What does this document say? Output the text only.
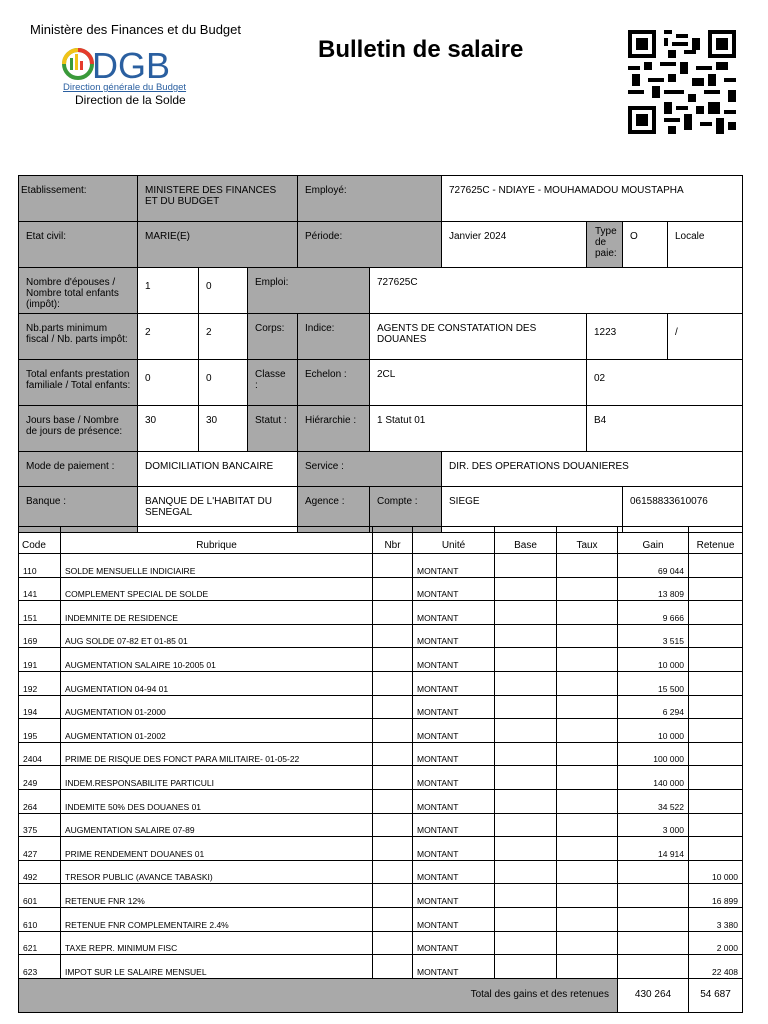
Ministère des Finances et du Budget
DGB
Direction générale du Budget
Direction de la Solde
Bulletin de salaire
Etablissement:	MINISTERE DES FINANCES ET DU BUDGET			Employé:		727625C - NDIAYE - MOUHAMADOU MOUSTAPHA			
Etat civil:	MARIE(E)			Période:		Janvier 2024	Type de paie:	O	Locale
Nombre d'épouses / Nombre total enfants (impôt):	1	0	Emploi:		727625C				
Nb.parts minimum fiscal / Nb. parts impôt:	2	2	Corps:	Indice:	AGENTS DE CONSTATATION DES DOUANES		1223		/
Total enfants prestation familiale / Total enfants:	0	0	Classe :	Echelon :	2CL		02		
Jours base / Nombre de jours de présence:	30	30	Statut :	Hiérarchie :	1 Statut 01		B4		
Mode de paiement :	DOMICILIATION BANCAIRE			Service :		DIR. DES OPERATIONS DOUANIERES			
Banque :	BANQUE DE L'HABITAT DU SENEGAL			Agence :	Compte :	SIEGE		06158833610076	
Code	Rubrique	Nbr	Unité	Base	Taux	Gain	Retenue
110	SOLDE MENSUELLE INDICIAIRE		MONTANT			69 044	
141	COMPLEMENT SPECIAL DE SOLDE		MONTANT			13 809	
151	INDEMNITE DE RESIDENCE		MONTANT			9 666	
169	AUG SOLDE 07-82 ET 01-85 01		MONTANT			3 515	
191	AUGMENTATION SALAIRE 10-2005 01		MONTANT			10 000	
192	AUGMENTATION 04-94 01		MONTANT			15 500	
194	AUGMENTATION 01-2000		MONTANT			6 294	
195	AUGMENTATION 01-2002		MONTANT			10 000	
2404	PRIME DE RISQUE DES FONCT PARA MILITAIRE- 01-05-22		MONTANT			100 000	
249	INDEM.RESPONSABILITE PARTICULI		MONTANT			140 000	
264	INDEMITE 50% DES DOUANES 01		MONTANT			34 522	
375	AUGMENTATION SALAIRE 07-89		MONTANT			3 000	
427	PRIME RENDEMENT DOUANES 01		MONTANT			14 914	
492	TRESOR PUBLIC (AVANCE TABASKI)		MONTANT				10 000
601	RETENUE FNR 12%		MONTANT				16 899
610	RETENUE FNR COMPLEMENTAIRE 2.4%		MONTANT				3 380
621	TAXE REPR. MINIMUM FISC		MONTANT				2 000
623	IMPOT SUR LE SALAIRE MENSUEL		MONTANT				22 408
Total des gains et des retenues						430 264	54 687
